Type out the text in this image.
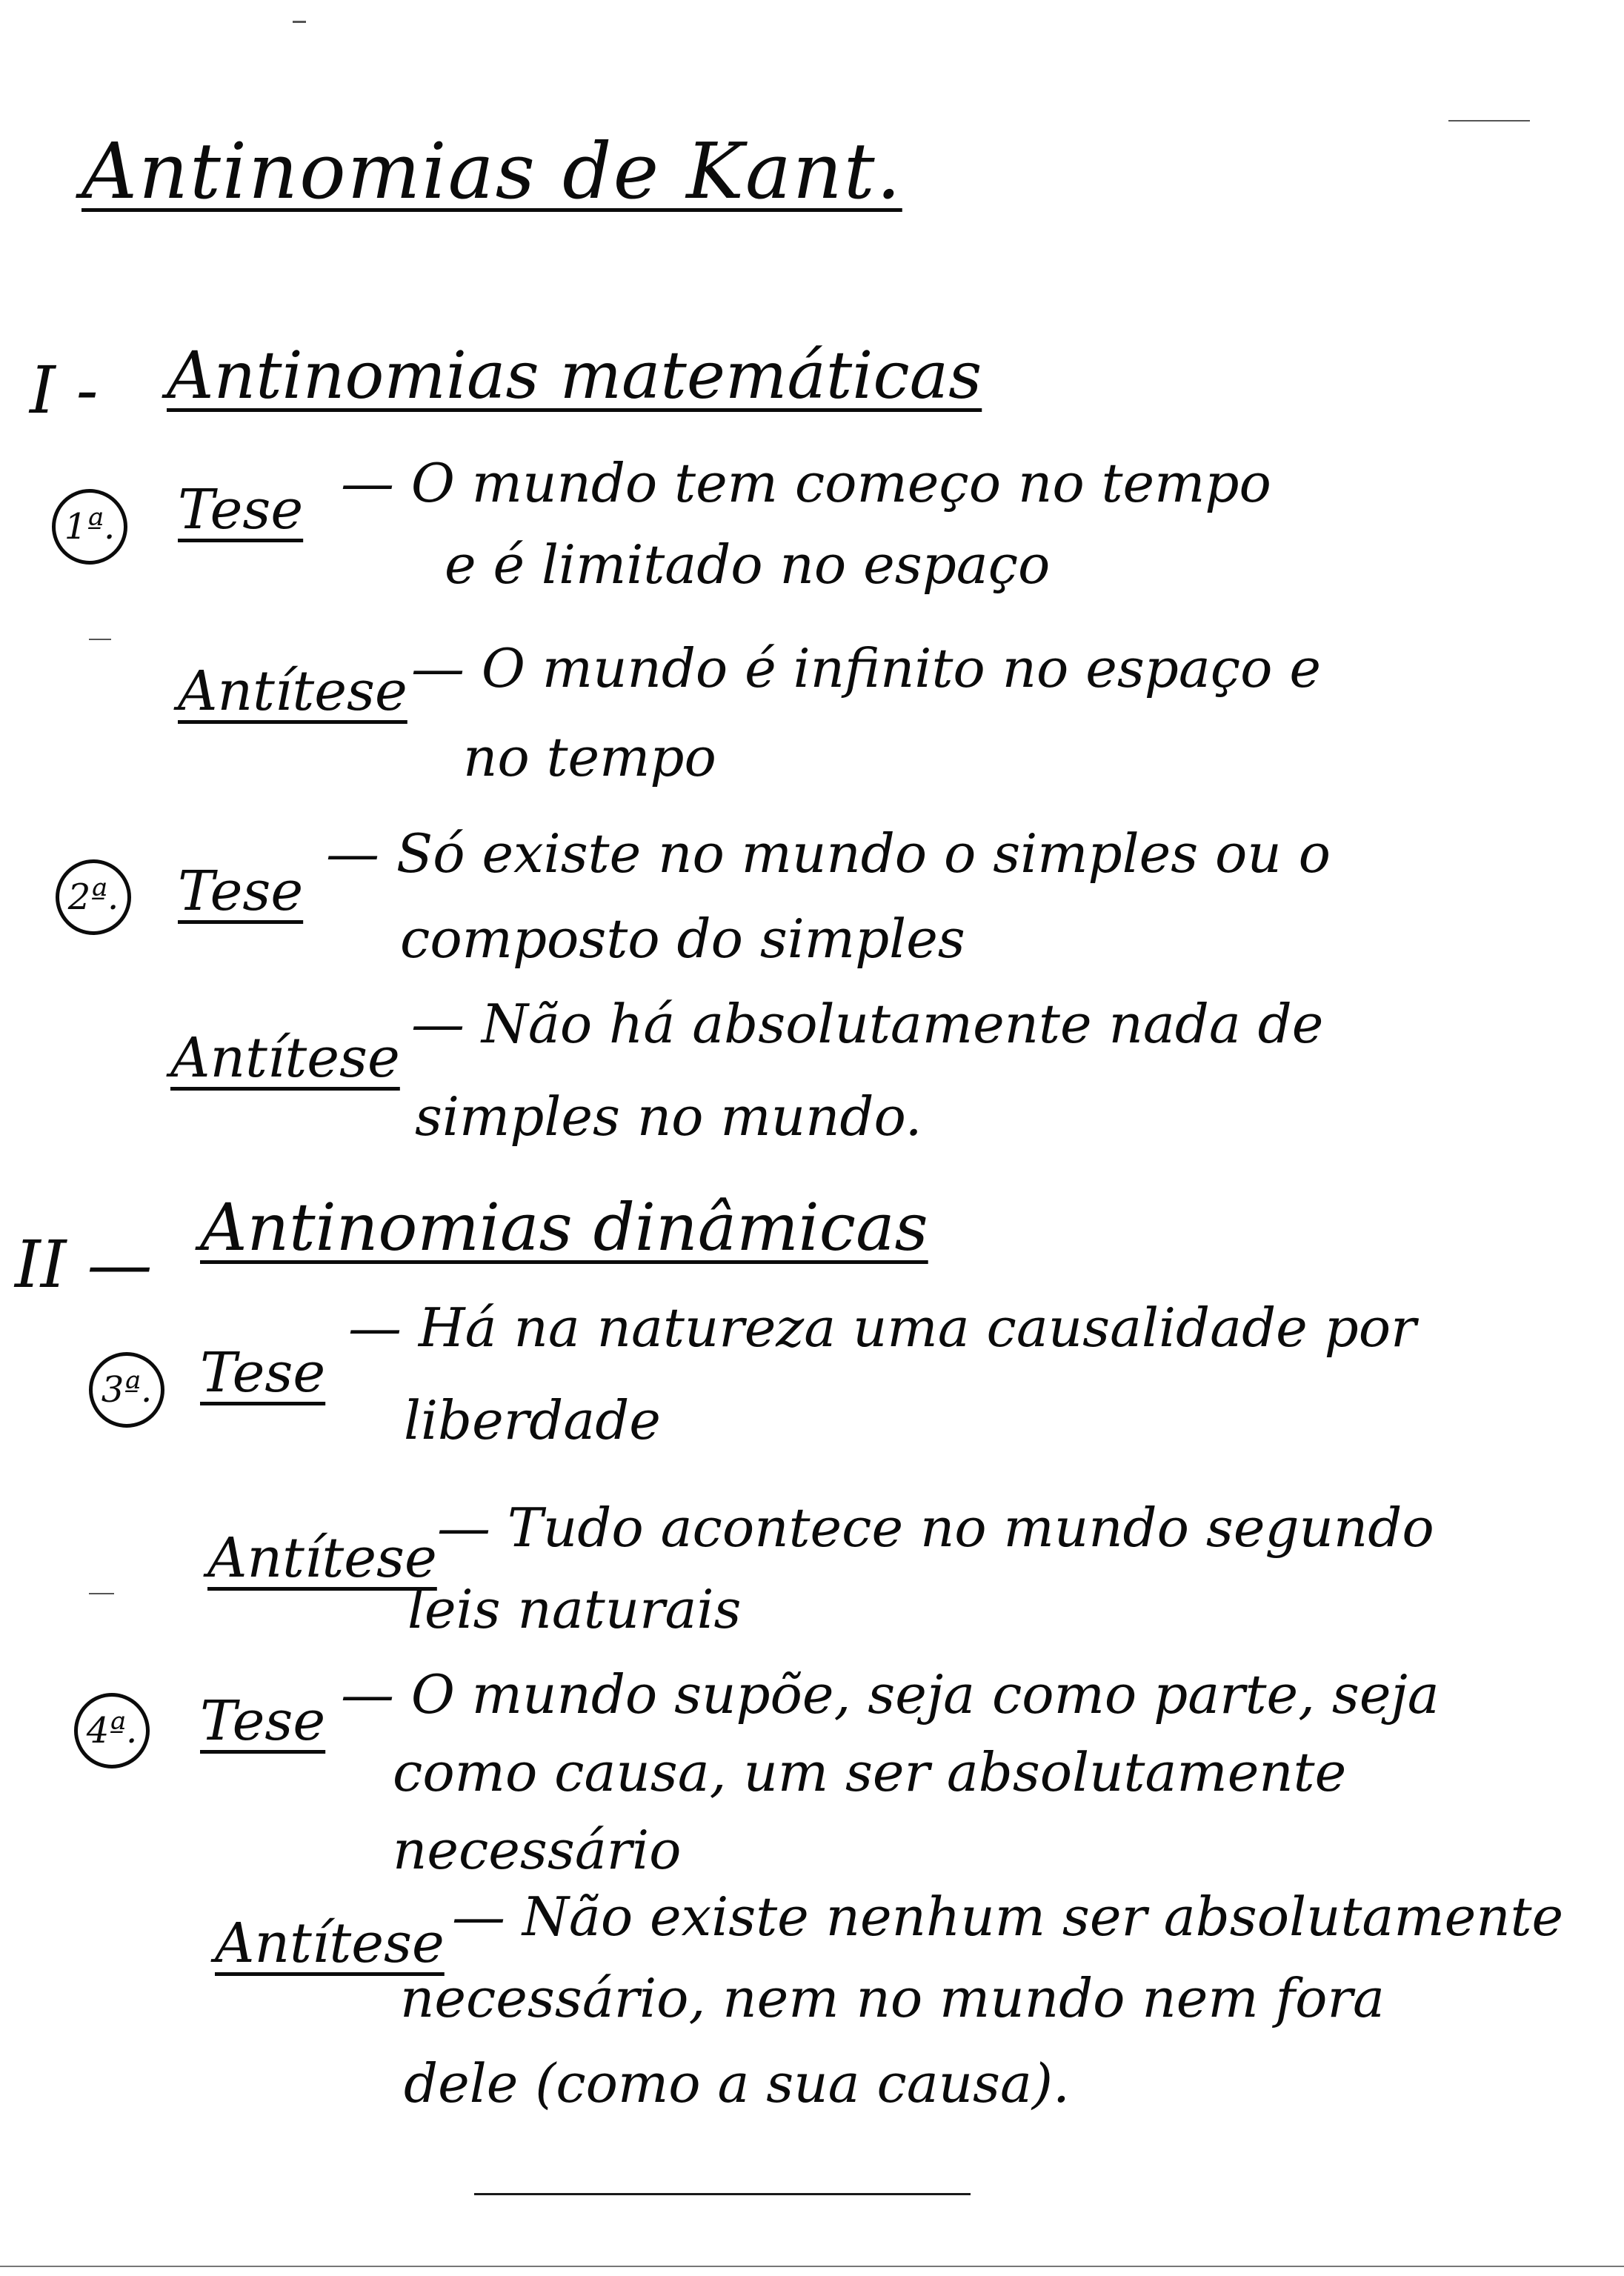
Antinomias de Kant.
I - Antinomias matemáticas
1ª. Tese — O mundo tem começo no tempo
e é limitado no espaço
Antítese — O mundo é infinito no espaço e
no tempo
2ª. Tese
— Só existe no mundo o simples ou o
composto do simples
Antítese
— Não há absolutamente nada de
simples no mundo.
II — Antinomias dinâmicas
3ª. Tese
— Há na natureza uma causalidade por
liberdade
Antítese — Tudo acontece no mundo segundo
leis naturais
4ª. Tese — O mundo supõe, seja como parte, seja
como causa, um ser absolutamente
necessário
Antítese — Não existe nenhum ser absolutamente
necessário, nem no mundo nem fora
dele (como a sua causa).
